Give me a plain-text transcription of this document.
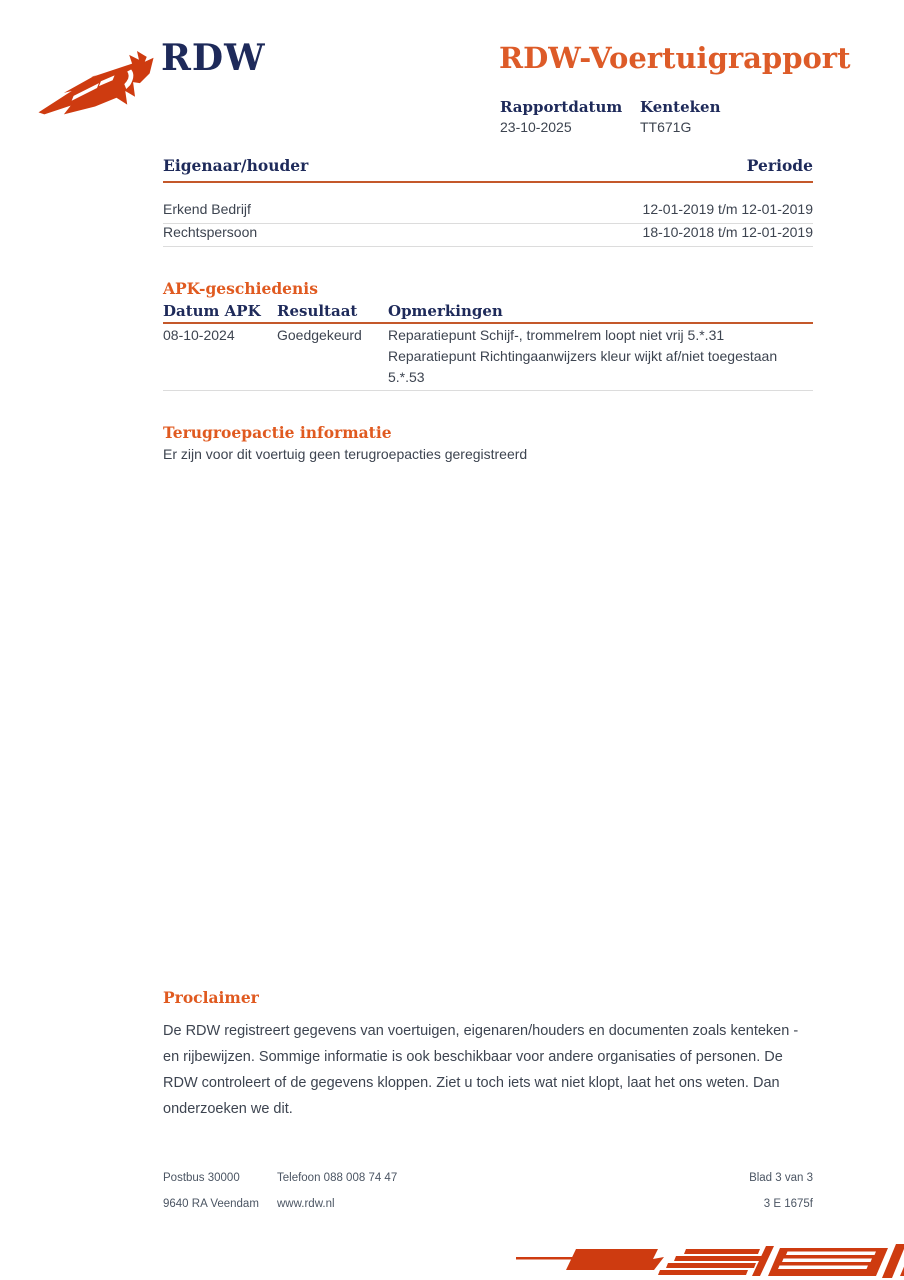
RDW	RDW-Voertuigrapport
Rapportdatum
23-10-2025
Kenteken
TT671G
Eigenaar/houder	Periode
Erkend Bedrijf	12-01-2019 t/m 12-01-2019
Rechtspersoon	18-10-2018 t/m 12-01-2019
APK-geschiedenis
Datum APK	Resultaat	Opmerkingen
08-10-2024	Goedgekeurd	Reparatiepunt Schijf-, trommelrem loopt niet vrij 5.*.31
Reparatiepunt Richtingaanwijzers kleur wijkt af/niet toegestaan
5.*.53
Terugroepactie informatie
Er zijn voor dit voertuig geen terugroepacties geregistreerd
Proclaimer
De RDW registreert gegevens van voertuigen, eigenaren/houders en documenten zoals kenteken - en rijbewijzen. Sommige informatie is ook beschikbaar voor andere organisaties of personen. De RDW controleert of de gegevens kloppen. Ziet u toch iets wat niet klopt, laat het ons weten. Dan onderzoeken we dit.
Postbus 30000
9640 RA Veendam
Telefoon 088 008 74 47
www.rdw.nl
Blad 3 van 3
3 E 1675f
